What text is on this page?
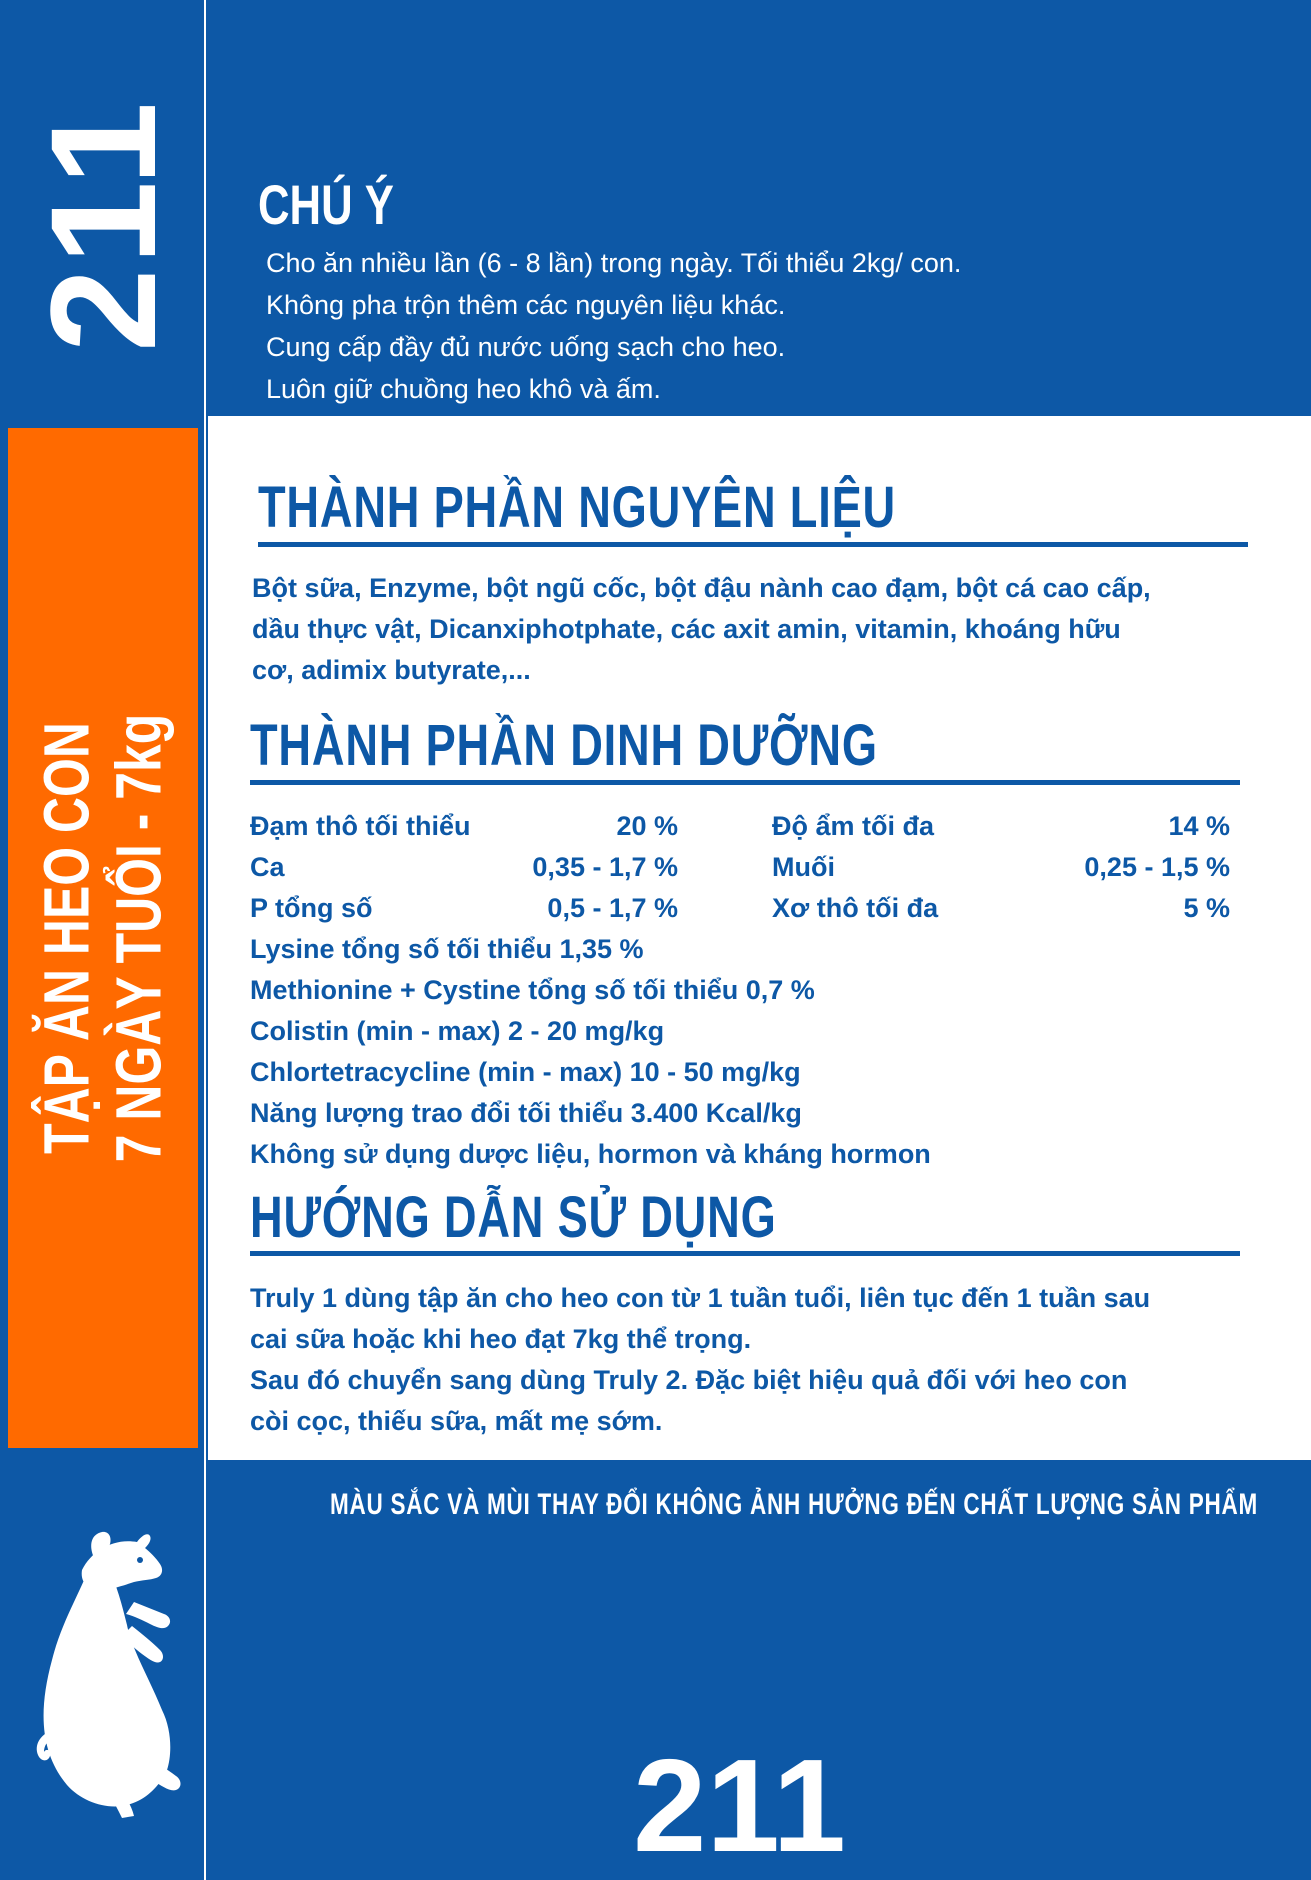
211
TẬP ĂN HEO CON 7 NGÀY TUỔI - 7kg
CHÚ Ý
Cho ăn nhiều lần (6 - 8 lần) trong ngày. Tối thiểu 2kg/ con.
Không pha trộn thêm các nguyên liệu khác.
Cung cấp đầy đủ nước uống sạch cho heo.
Luôn giữ chuồng heo khô và ấm.
THÀNH PHẦN NGUYÊN LIỆU
Bột sữa, Enzyme, bột ngũ cốc, bột đậu nành cao đạm, bột cá cao cấp,
dầu thực vật, Dicanxiphotphate, các axit amin, vitamin, khoáng hữu
cơ, adimix butyrate,...
THÀNH PHẦN DINH DƯỠNG
Đạm thô tối thiểu	20 %	Độ ẩm tối đa	14 %
Ca	0,35 - 1,7 %	Muối	0,25 - 1,5 %
P tổng số	0,5 - 1,7 %	Xơ thô tối đa	5 %
Lysine tổng số tối thiểu 1,35 %
Methionine + Cystine tổng số tối thiểu 0,7 %
Colistin (min - max) 2 - 20 mg/kg
Chlortetracycline (min - max) 10 - 50 mg/kg
Năng lượng trao đổi tối thiểu 3.400 Kcal/kg
Không sử dụng dược liệu, hormon và kháng hormon
HƯỚNG DẪN SỬ DỤNG
Truly 1 dùng tập ăn cho heo con từ 1 tuần tuổi, liên tục đến 1 tuần sau
cai sữa hoặc khi heo đạt 7kg thể trọng.
Sau đó chuyển sang dùng Truly 2. Đặc biệt hiệu quả đối với heo con
còi cọc, thiếu sữa, mất mẹ sớm.
MÀU SẮC VÀ MÙI THAY ĐỔI KHÔNG ẢNH HƯỞNG ĐẾN CHẤT LƯỢNG SẢN PHẨM
211
